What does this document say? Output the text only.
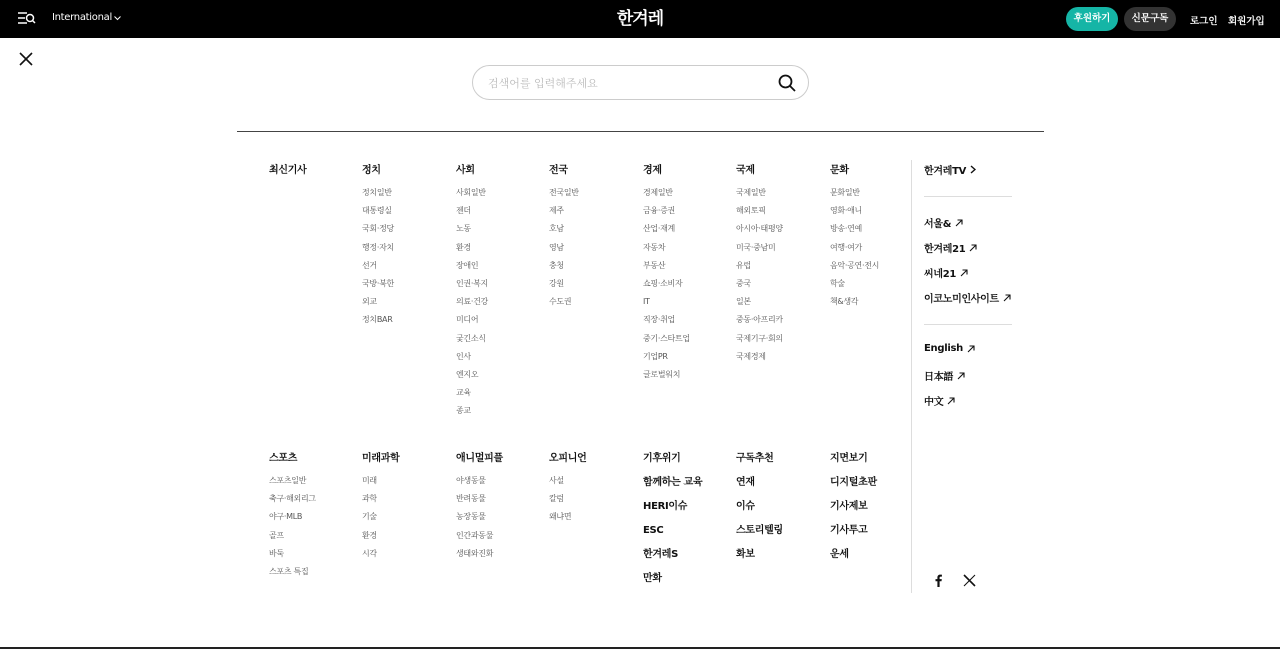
International	한겨레	후원하기	신문구독	로그인 회원가입
검색어를 입력해주세요
최신기사	정치
정치일반
대통령실
국회·정당
행정·자치
선거
국방·북한
외교
정치BAR
사회
사회일반
젠더
노동
환경
장애인
인권·복지
의료·건강
미디어
궂긴소식
인사
엔지오
교육
종교
전국
전국일반
제주
호남
영남
충청
강원
수도권
경제
경제일반
금융·증권
산업·재계
자동차
부동산
쇼핑·소비자
IT
직장·취업
중기·스타트업
기업PR
글로벌워치
국제
국제일반
해외토픽
아시아·태평양
미국·중남미
유럽
중국
일본
중동·아프리카
국제기구·회의
국제경제
문화
문화일반
영화·애니
방송·연예
여행·여가
음악·공연·전시
학술
책&생각
스포츠
스포츠일반
축구·해외리그
야구·MLB
골프
바둑
스포츠 특집
미래과학
미래
과학
기술
환경
시각
애니멀피플
야생동물
반려동물
농장동물
인간과동물
생태와진화
오피니언
사설
칼럼
왜냐면
기후위기
함께하는 교육
HERI이슈
ESC
한겨레S
만화
구독추천
연재
이슈
스토리텔링
화보
지면보기
디지털초판
기사제보
기사투고
운세
한겨레TV
서울&
한겨레21
씨네21
이코노미인사이트
English
日本語
中文
